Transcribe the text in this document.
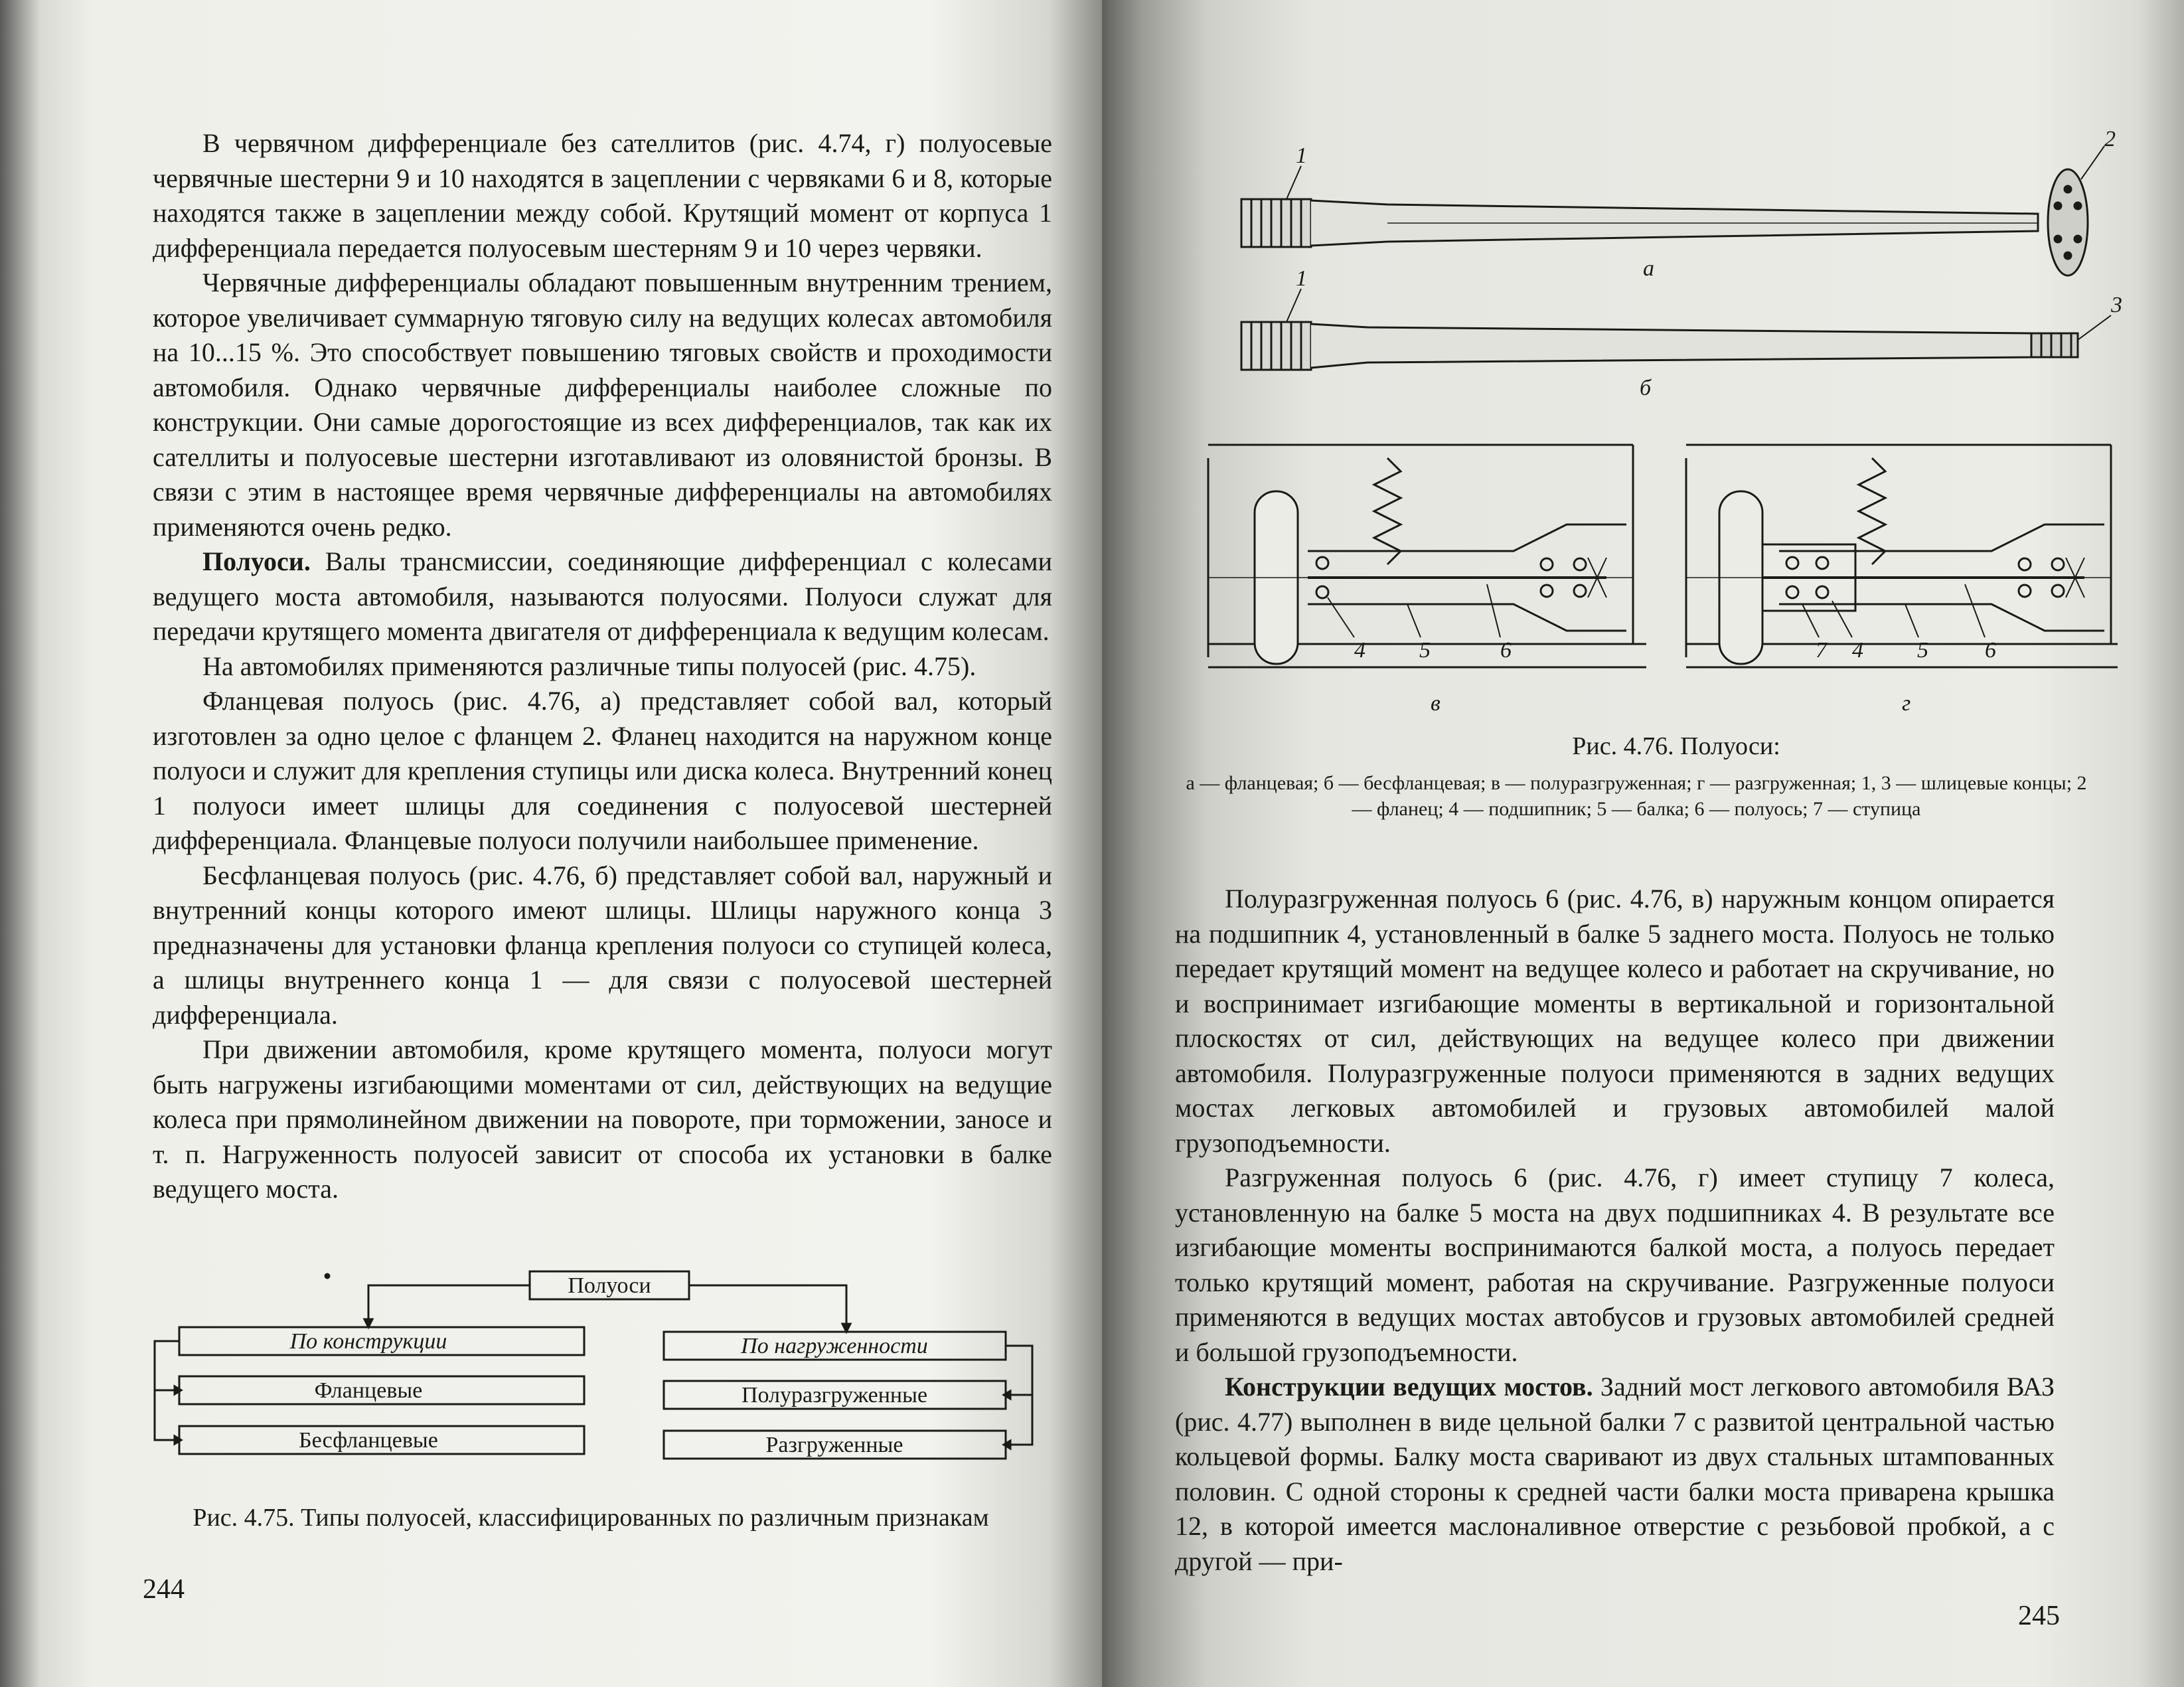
В червячном дифференциале без сателлитов (рис. 4.74, г) полуосевые червячные шестерни 9 и 10 находятся в зацеплении с червяками 6 и 8, которые находятся также в зацеплении между собой. Крутящий момент от корпуса 1 дифференциала передается полуосевым шестерням 9 и 10 через червяки.

Червячные дифференциалы обладают повышенным внутренним трением, которое увеличивает суммарную тяговую силу на ведущих колесах автомобиля на 10...15 %. Это способствует повышению тяговых свойств и проходимости автомобиля. Однако червячные дифференциалы наиболее сложные по конструкции. Они самые дорогостоящие из всех дифференциалов, так как их сателлиты и полуосевые шестерни изготавливают из оловянистой бронзы. В связи с этим в настоящее время червячные дифференциалы на автомобилях применяются очень редко.

Полуоси. Валы трансмиссии, соединяющие дифференциал с колесами ведущего моста автомобиля, называются полуосями. Полуоси служат для передачи крутящего момента двигателя от дифференциала к ведущим колесам.

На автомобилях применяются различные типы полуосей (рис. 4.75).

Фланцевая полуось (рис. 4.76, а) представляет собой вал, который изготовлен за одно целое с фланцем 2. Фланец находится на наружном конце полуоси и служит для крепления ступицы или диска колеса. Внутренний конец 1 полуоси имеет шлицы для соединения с полуосевой шестерней дифференциала. Фланцевые полуоси получили наибольшее применение.

Бесфланцевая полуось (рис. 4.76, б) представляет собой вал, наружный и внутренний концы которого имеют шлицы. Шлицы наружного конца 3 предназначены для установки фланца крепления полуоси со ступицей колеса, а шлицы внутреннего конца 1 — для связи с полуосевой шестерней дифференциала.

При движении автомобиля, кроме крутящего момента, полуоси могут быть нагружены изгибающими моментами от сил, действующих на ведущие колеса при прямолинейном движении на повороте, при торможении, заносе и т. п. Нагруженность полуосей зависит от способа их установки в балке ведущего моста.

Полуоси
По конструкции
Фланцевые
Бесфланцевые
По нагруженности
Полуразгруженные
Разгруженные
Рис. 4.75. Типы полуосей, классифицированных по различным признакам
244
1
2
а
1
3
б
4 5	6
в
7 4 5	6
г
Рис. 4.76. Полуоси:
а — фланцевая; б — бесфланцевая; в — полуразгруженная; г — разгруженная; 1, 3 — шлицевые концы; 2 — фланец; 4 — подшипник; 5 — балка; 6 — полуось; 7 — ступица

Полуразгруженная полуось 6 (рис. 4.76, в) наружным концом опирается на подшипник 4, установленный в балке 5 заднего моста. Полуось не только передает крутящий момент на ведущее колесо и работает на скручивание, но и воспринимает изгибающие моменты в вертикальной и горизонтальной плоскостях от сил, действующих на ведущее колесо при движении автомобиля. Полуразгруженные полуоси применяются в задних ведущих мостах легковых автомобилей и грузовых автомобилей малой грузоподъемности.

Разгруженная полуось 6 (рис. 4.76, г) имеет ступицу 7 колеса, установленную на балке 5 моста на двух подшипниках 4. В результате все изгибающие моменты воспринимаются балкой моста, а полуось передает только крутящий момент, работая на скручивание. Разгруженные полуоси применяются в ведущих мостах автобусов и грузовых автомобилей средней и большой грузоподъемности.

Конструкции ведущих мостов. Задний мост легкового автомобиля ВАЗ (рис. 4.77) выполнен в виде цельной балки 7 с развитой центральной частью кольцевой формы. Балку моста сваривают из двух стальных штампованных половин. С одной стороны к средней части балки моста приварена крышка 12, в которой имеется маслоналивное отверстие с резьбовой пробкой, а с другой — при-

245
